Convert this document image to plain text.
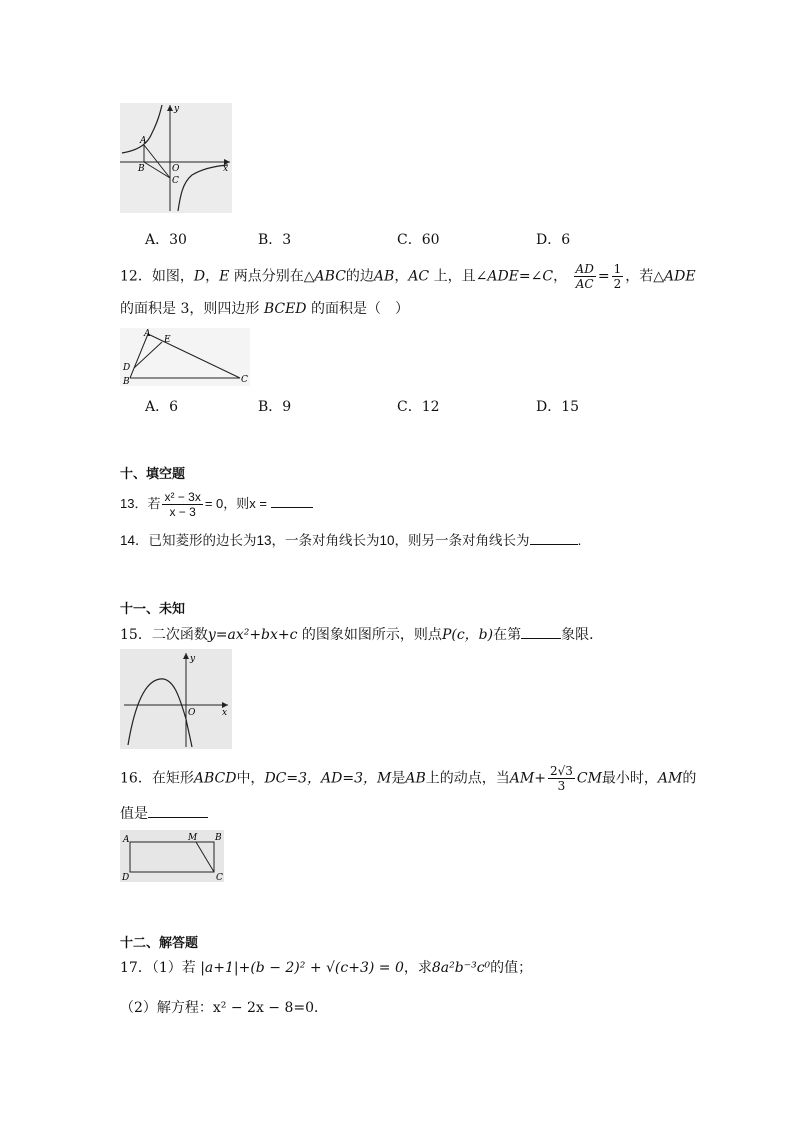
y
x
A
B	O
C
A．30	B．3	C．60	D．6
12．如图，D，E 两点分别在△ABC的边AB，AC 上，且∠ADE=∠C， $\frac{AD}{AC} = \frac{1}{2}$ ，若△ADE
的面积是 3，则四边形 BCED 的面积是（　）
A
E
D
B	C
A．6	B．9	C．12	D．15
十、填空题
13．若 $\frac{\text{x² − 3x}}{x - 3} = 0$，则x =
14．已知菱形的边长为13，一条对角线长为10，则另一条对角线长为	.
十一、未知
15．二次函数y=ax²+bx+c 的图象如图所示，则点P(c，b)在第	象限．
y
O	x
16．在矩形ABCD中，DC=3，AD=3，M是AB上的动点，当$AM+ \frac{2√3}{3}$ CM最小时，AM的
值是
A	M B
D	C
十二、解答题
17．（1）若 |a+1|+(b − 2)² + √(c+3) = 0，求8a²b⁻³c⁰的值；
（2）解方程：x² − 2x − 8=0．
